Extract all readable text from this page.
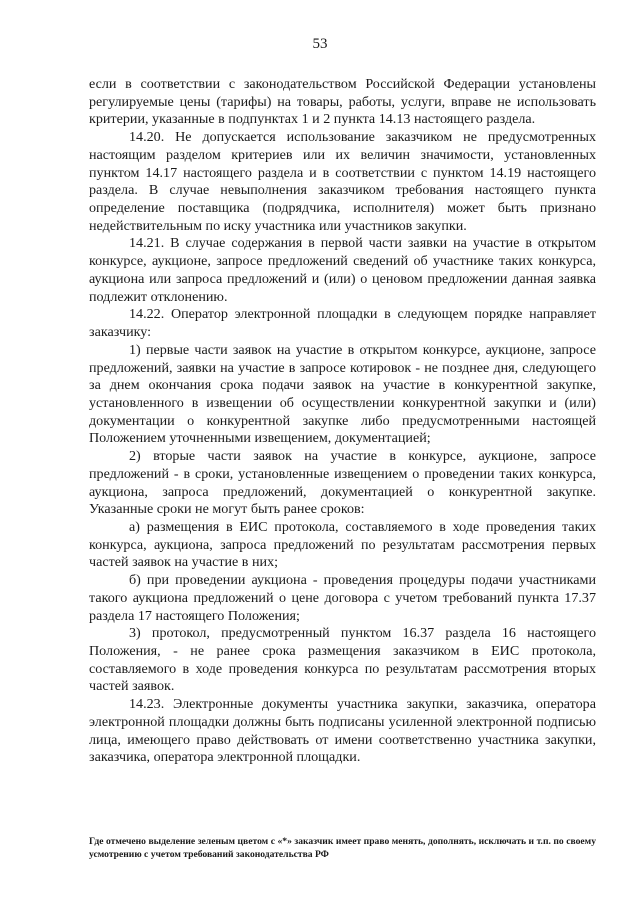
53

если в соответствии с законодательством Российской Федерации установлены регулируемые цены (тарифы) на товары, работы, услуги, вправе не использовать критерии, указанные в подпунктах 1 и 2 пункта 14.13 настоящего раздела.

14.20. Не допускается использование заказчиком не предусмотренных настоящим разделом критериев или их величин значимости, установленных пунктом 14.17 настоящего раздела и в соответствии с пунктом 14.19 настоящего раздела. В случае невыполнения заказчиком требования настоящего пункта определение поставщика (подрядчика, исполнителя) может быть признано недействительным по иску участника или участников закупки.

14.21. В случае содержания в первой части заявки на участие в открытом конкурсе, аукционе, запросе предложений сведений об участнике таких конкурса, аукциона или запроса предложений и (или) о ценовом предложении данная заявка подлежит отклонению.

14.22. Оператор электронной площадки в следующем порядке направляет заказчику:

1) первые части заявок на участие в открытом конкурсе, аукционе, запросе предложений, заявки на участие в запросе котировок - не позднее дня, следующего за днем окончания срока подачи заявок на участие в конкурентной закупке, установленного в извещении об осуществлении конкурентной закупки и (или) документации о конкурентной закупке либо предусмотренными настоящей Положением уточненными извещением, документацией;

2) вторые части заявок на участие в конкурсе, аукционе, запросе предложений - в сроки, установленные извещением о проведении таких конкурса, аукциона, запроса предложений, документацией о конкурентной закупке. Указанные сроки не могут быть ранее сроков:

а) размещения в ЕИС протокола, составляемого в ходе проведения таких конкурса, аукциона, запроса предложений по результатам рассмотрения первых частей заявок на участие в них;

б) при проведении аукциона - проведения процедуры подачи участниками такого аукциона предложений о цене договора с учетом требований пункта 17.37 раздела 17 настоящего Положения;

3) протокол, предусмотренный пунктом 16.37 раздела 16 настоящего Положения, - не ранее срока размещения заказчиком в ЕИС протокола, составляемого в ходе проведения конкурса по результатам рассмотрения вторых частей заявок.

14.23. Электронные документы участника закупки, заказчика, оператора электронной площадки должны быть подписаны усиленной электронной подписью лица, имеющего право действовать от имени соответственно участника закупки, заказчика, оператора электронной площадки.

Где отмечено выделение зеленым цветом с «*» заказчик имеет право менять, дополнять, исключать и т.п. по своему усмотрению с учетом требований законодательства РФ
